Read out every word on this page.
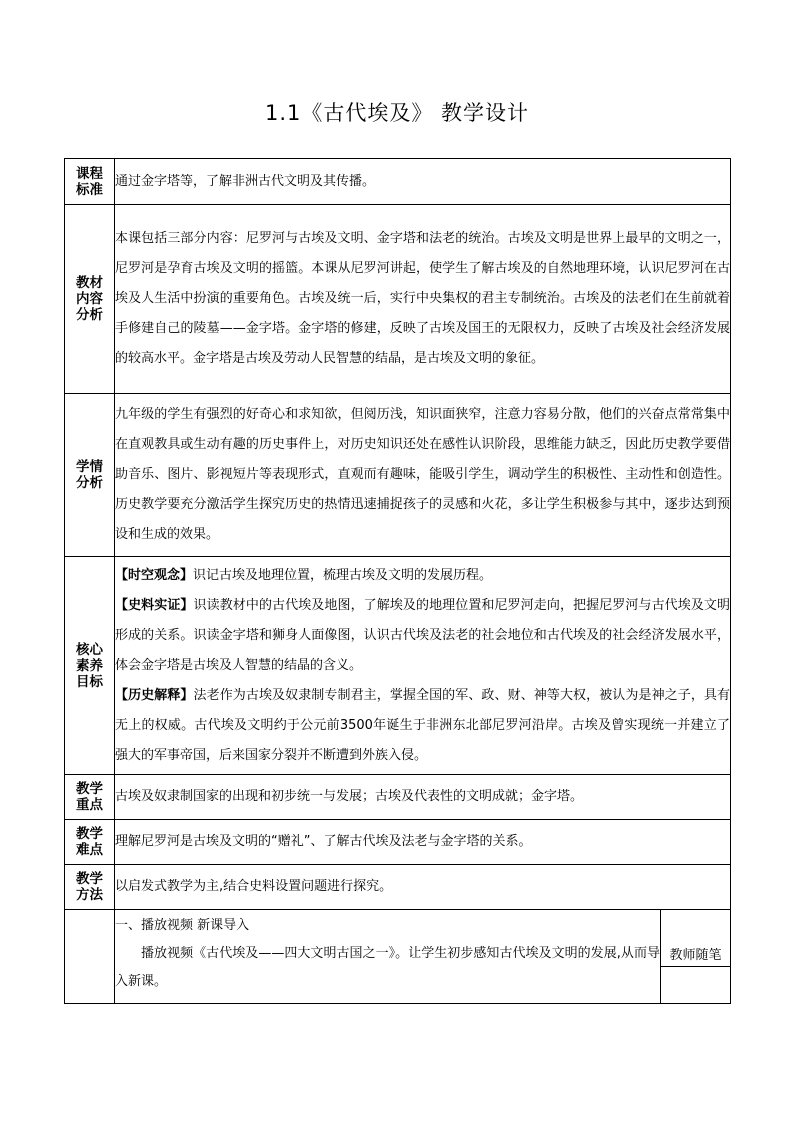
1.1《古代埃及》 教学设计
课程标准	通过金字塔等，了解非洲古代文明及其传播。	
教材内容分析	本课包括三部分内容：尼罗河与古埃及文明、金字塔和法老的统治。古埃及文明是世界上最早的文明之一，尼罗河是孕育古埃及文明的摇篮。本课从尼罗河讲起，使学生了解古埃及的自然地理环境，认识尼罗河在古埃及人生活中扮演的重要角色。古埃及统一后，实行中央集权的君主专制统治。古埃及的法老们在生前就着手修建自己的陵墓——金字塔。金字塔的修建，反映了古埃及国王的无限权力，反映了古埃及社会经济发展的较高水平。金字塔是古埃及劳动人民智慧的结晶，是古埃及文明的象征。	
学情分析	九年级的学生有强烈的好奇心和求知欲，但阅历浅，知识面狭窄，注意力容易分散，他们的兴奋点常常集中在直观教具或生动有趣的历史事件上，对历史知识还处在感性认识阶段，思维能力缺乏，因此历史教学要借助音乐、图片、影视短片等表现形式，直观而有趣味，能吸引学生，调动学生的积极性、主动性和创造性。历史教学要充分激活学生探究历史的热情迅速捕捉孩子的灵感和火花，多让学生积极参与其中，逐步达到预设和生成的效果。	
核心素养目标	【时空观念】识记古埃及地理位置，梳理古埃及文明的发展历程。

【史料实证】识读教材中的古代埃及地图，了解埃及的地理位置和尼罗河走向，把握尼罗河与古代埃及文明形成的关系。识读金字塔和狮身人面像图，认识古代埃及法老的社会地位和古代埃及的社会经济发展水平，体会金字塔是古埃及人智慧的结晶的含义。

【历史解释】法老作为古埃及奴隶制专制君主，掌握全国的军、政、财、神等大权，被认为是神之子，具有无上的权威。古代埃及文明约于公元前3500年诞生于非洲东北部尼罗河沿岸。古埃及曾实现统一并建立了强大的军事帝国，后来国家分裂并不断遭到外族入侵。	

教学重点	古埃及奴隶制国家的出现和初步统一与发展；古埃及代表性的文明成就；金字塔。	
教学难点	理解尼罗河是古埃及文明的“赠礼”、了解古代埃及法老与金字塔的关系。	
教学方法	以启发式教学为主,结合史料设置问题进行探究。	

	一、播放视频 新课导入

播放视频《古代埃及——四大文明古国之一》。让学生初步感知古代埃及文明的发展,从而导入新课。	教师随笔
